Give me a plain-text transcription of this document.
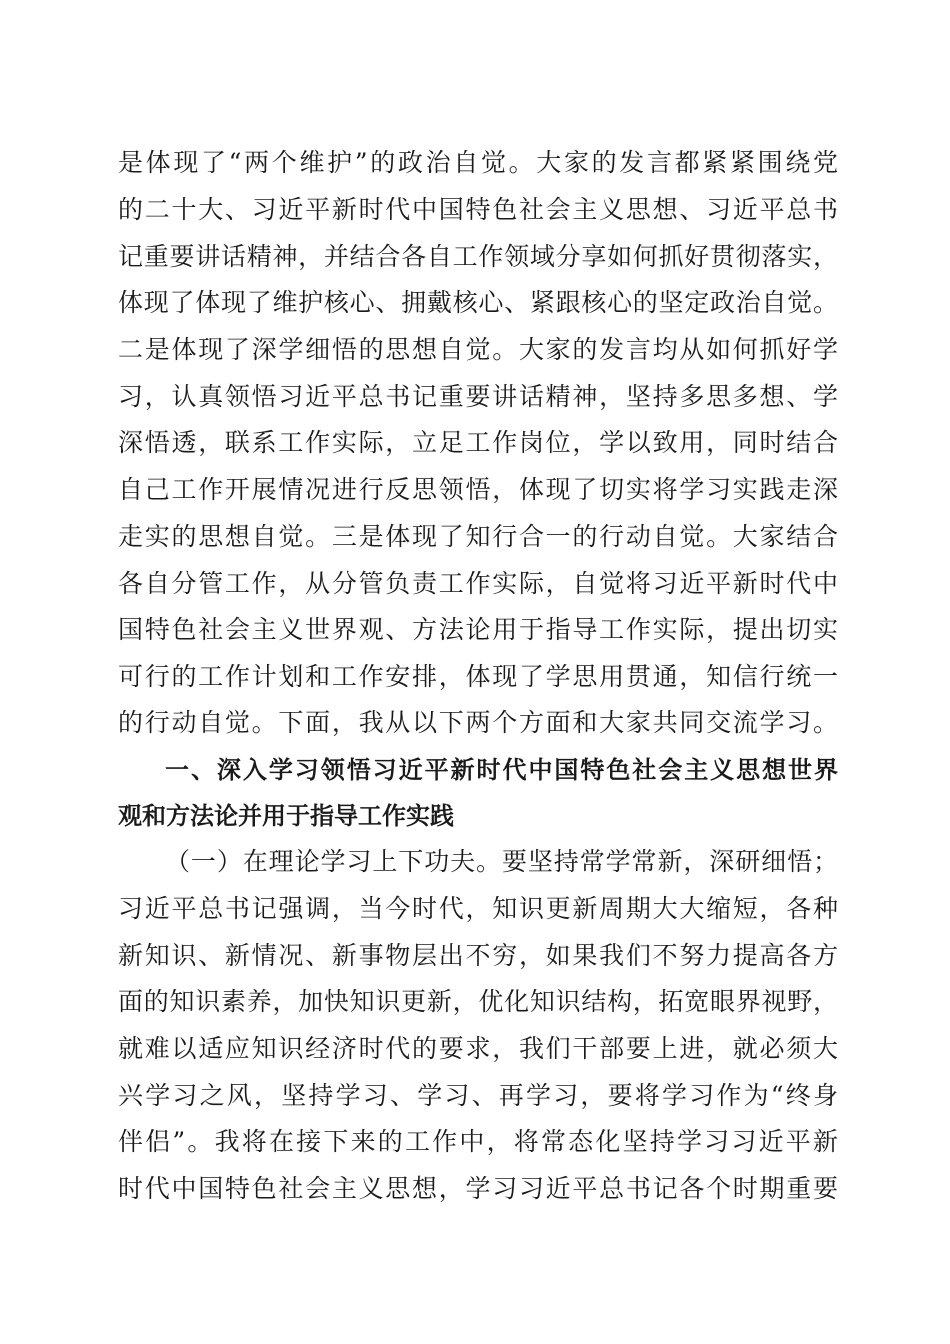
是体现了“两个维护”的政治自觉。大家的发言都紧紧围绕党
的二十大、习近平新时代中国特色社会主义思想、习近平总书
记重要讲话精神，并结合各自工作领域分享如何抓好贯彻落实，
体现了体现了维护核心、拥戴核心、紧跟核心的坚定政治自觉。
二是体现了深学细悟的思想自觉。大家的发言均从如何抓好学
习，认真领悟习近平总书记重要讲话精神，坚持多思多想、学
深悟透，联系工作实际，立足工作岗位，学以致用，同时结合
自己工作开展情况进行反思领悟，体现了切实将学习实践走深
走实的思想自觉。三是体现了知行合一的行动自觉。大家结合
各自分管工作，从分管负责工作实际，自觉将习近平新时代中
国特色社会主义世界观、方法论用于指导工作实际，提出切实
可行的工作计划和工作安排，体现了学思用贯通，知信行统一
的行动自觉。下面，我从以下两个方面和大家共同交流学习。
一、深入学习领悟习近平新时代中国特色社会主义思想世界
观和方法论并用于指导工作实践
（一）在理论学习上下功夫。要坚持常学常新，深研细悟；
习近平总书记强调，当今时代，知识更新周期大大缩短，各种
新知识、新情况、新事物层出不穷，如果我们不努力提高各方
面的知识素养，加快知识更新，优化知识结构，拓宽眼界视野，
就难以适应知识经济时代的要求，我们干部要上进，就必须大
兴学习之风，坚持学习、学习、再学习，要将学习作为“终身
伴侣”。我将在接下来的工作中，将常态化坚持学习习近平新
时代中国特色社会主义思想，学习习近平总书记各个时期重要
